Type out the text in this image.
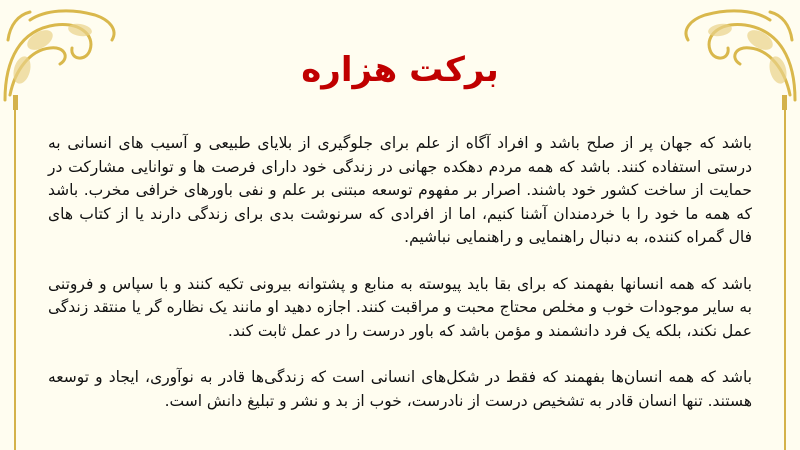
برکت هزاره

باشد که جهان پر از صلح باشد و افراد آگاه از علم برای جلوگیری از بلایای طبیعی و آسیب های انسانی به درستی استفاده کنند. باشد که همه مردم دهکده جهانی در زندگی خود دارای فرصت ها و توانایی مشارکت در حمایت از ساخت کشور خود باشند. اصرار بر مفهوم توسعه مبتنی بر علم و نفی باورهای خرافی مخرب. باشد که همه ما خود را با خردمندان آشنا کنیم، اما از افرادی که سرنوشت بدی برای زندگی دارند یا از کتاب های فال گمراه کننده، به دنبال راهنمایی و راهنمایی نباشیم.

باشد که همه انسانها بفهمند که برای بقا باید پیوسته به منابع و پشتوانه بیرونی تکیه کنند و با سپاس و فروتنی به سایر موجودات خوب و مخلص محتاج محبت و مراقبت کنند. اجازه دهید او مانند یک نظاره گر یا منتقد زندگی عمل نکند، بلکه یک فرد دانشمند و مؤمن باشد که باور درست را در عمل ثابت کند.

باشد که همه انسان‌ها بفهمند که فقط در شکل‌های انسانی است که زندگی‌ها قادر به نوآوری، ایجاد و توسعه هستند. تنها انسان قادر به تشخیص درست از نادرست، خوب از بد و نشر و تبلیغ دانش است.
